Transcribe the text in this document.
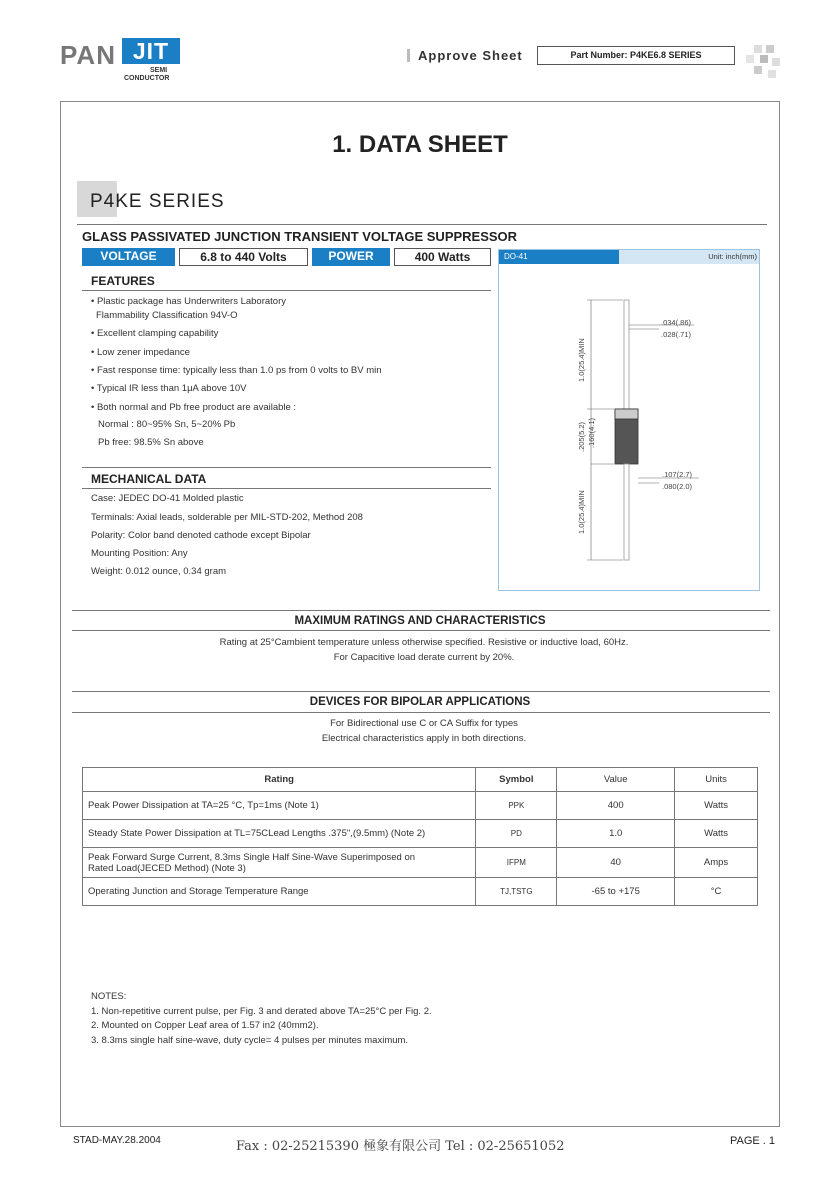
PAN JIT
SEMI
CONDUCTOR
Approve Sheet	Part Number: P4KE6.8 SERIES
1. DATA SHEET
P4KE SERIES
GLASS PASSIVATED JUNCTION TRANSIENT VOLTAGE SUPPRESSOR
VOLTAGE	6.8 to 440 Volts	POWER	400 Watts
FEATURES
• Plastic package has Underwriters Laboratory
Flammability Classification 94V-O
• Excellent clamping capability
• Low zener impedance
• Fast response time: typically less than 1.0 ps from 0 volts to BV min
• Typical IR less than 1μA above 10V
• Both normal and Pb free product are available :
Normal : 80~95% Sn, 5~20% Pb
Pb free: 98.5% Sn above
MECHANICAL DATA
Case: JEDEC DO-41 Molded plastic
Terminals: Axial leads, solderable per MIL-STD-202, Method 208
Polarity: Color band denoted cathode except Bipolar
Mounting Position: Any
Weight: 0.012 ounce, 0.34 gram
DO-41	Unit: inch(mm)
.034(.86)
.028(.71)
.107(2.7)
.080(2.0)
1.0(25.4)MIN
.205(5.2) .160(4.1)
1.0(25.4)MIN
MAXIMUM RATINGS AND CHARACTERISTICS
Rating at 25°Cambient temperature unless otherwise specified. Resistive or inductive load, 60Hz.
For Capacitive load derate current by 20%.
DEVICES FOR BIPOLAR APPLICATIONS
For Bidirectional use C or CA Suffix for types
Electrical characteristics apply in both directions.
Rating	Symbol	Value	Units
Peak Power Dissipation at TA=25 °C, Tp=1ms (Note 1)	PPK	400	Watts
Steady State Power Dissipation at TL=75CLead Lengths .375",(9.5mm) (Note 2)	PD	1.0	Watts

Peak Forward Surge Current, 8.3ms Single Half Sine-Wave Superimposed on
Rated Load(JECED Method) (Note 3)	IFPM	40	Amps
Operating Junction and Storage Temperature Range	TJ,TSTG	-65 to +175	°C
NOTES:
1. Non-repetitive current pulse, per Fig. 3 and derated above TA=25°C per Fig. 2.
2. Mounted on Copper Leaf area of 1.57 in2 (40mm2).
3. 8.3ms single half sine-wave, duty cycle= 4 pulses per minutes maximum.
STAD-MAY.28.2004	Fax : 02-25215390 極象有限公司 Tel : 02-25651052	PAGE . 1
